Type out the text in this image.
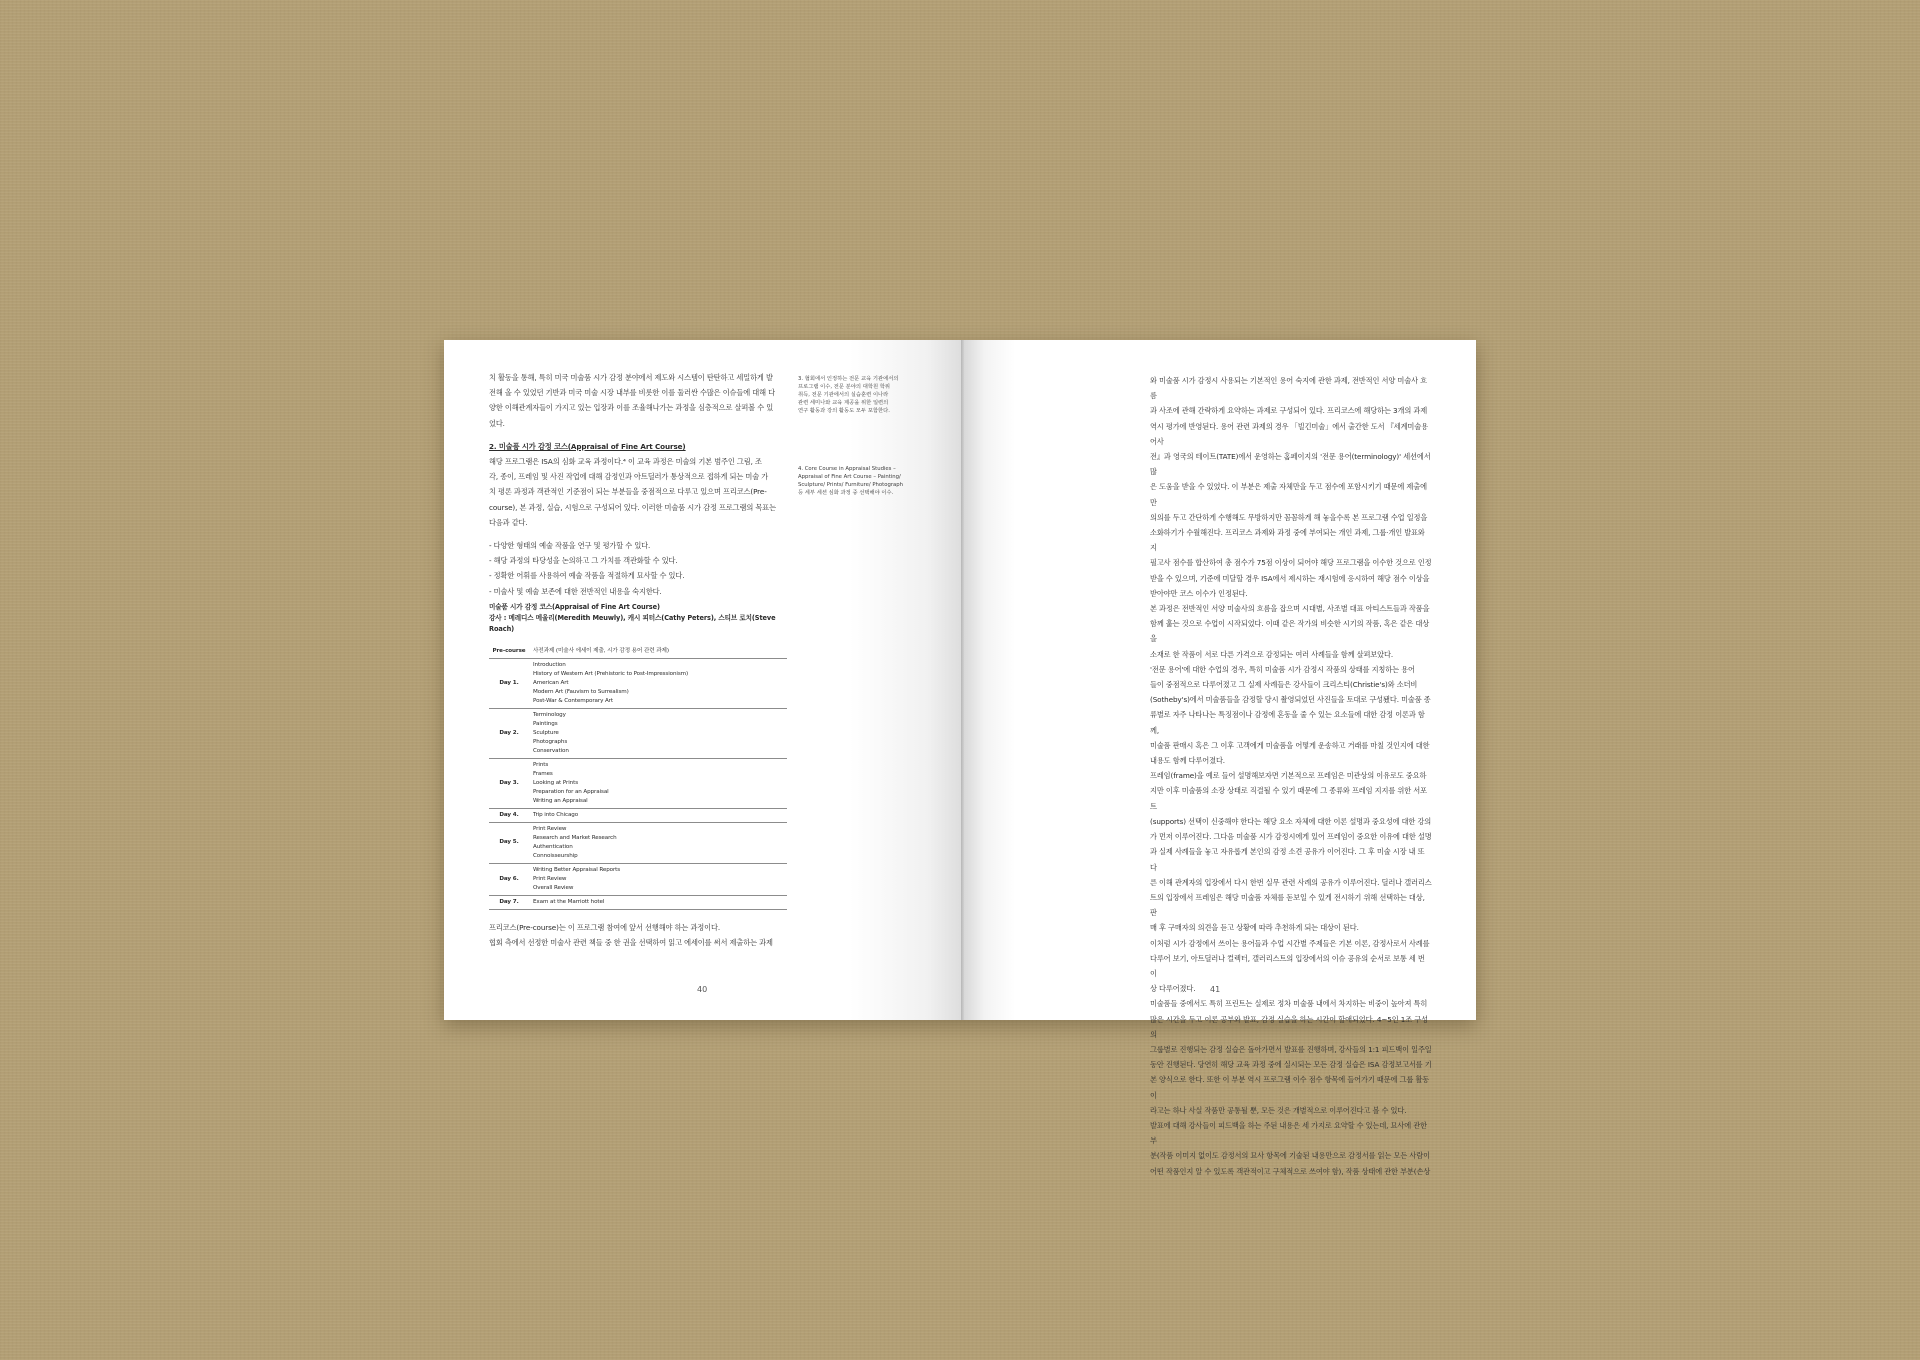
치 활동을 통해, 특히 미국 미술품 시가 감정 분야에서 제도와 시스템이 탄탄하고 세밀하게 발

전해 올 수 있었던 기반과 미국 미술 시장 내부를 비롯한 이를 둘러싼 수많은 이슈들에 대해 다

양한 이해관계자들이 가지고 있는 입장과 이를 조율해나가는 과정을 심층적으로 살펴볼 수 있

었다.

2. 미술품 시가 감정 코스(Appraisal of Fine Art Course)

해당 프로그램은 ISA의 심화 교육 과정이다.⁴ 이 교육 과정은 미술의 기본 범주인 그림, 조

각, 종이, 프레임 및 사진 작업에 대해 감정인과 아트딜러가 통상적으로 접하게 되는 미술 가

치 평론 과정과 객관적인 기준점이 되는 부분들을 중점적으로 다루고 있으며 프리코스(Pre-

course), 본 과정, 실습, 시험으로 구성되어 있다. 이러한 미술품 시가 감정 프로그램의 목표는

다음과 같다.

- 다양한 형태의 예술 작품을 연구 및 평가할 수 있다.

- 해당 과정의 타당성을 논의하고 그 가치를 객관화할 수 있다.

- 정확한 어휘를 사용하여 예술 작품을 적절하게 묘사할 수 있다.

- 미술사 및 예술 보존에 대한 전반적인 내용을 숙지한다.

미술품 시가 감정 코스(Appraisal of Fine Art Course)

강사 : 메레디스 메울리(Meredith Meuwly), 캐시 피터스(Cathy Peters), 스티브 로치(Steve Roach)

Pre-course	사전과제 (미술사 에세이 제출, 시가 감정 용어 관련 과제)

Day 1.	Introduction
History of Western Art (Prehistoric to Post-Impressionism)
American Art
Modern Art (Fauvism to Surrealism)
Post-War & Contemporary Art

Day 2.	Terminology
Paintings
Sculpture
Photographs
Conservation

Day 3.	Prints
Frames
Looking at Prints
Preparation for an Appraisal
Writing an Appraisal

Day 4.	Trip into Chicago

Day 5.	Print Review
Research and Market Research
Authentication
Connoisseurship

Day 6.	Writing Better Appraisal Reports
Print Review
Overall Review

Day 7.	Exam at the Marriott hotel

프리코스(Pre-course)는 이 프로그램 참여에 앞서 선행해야 하는 과정이다.

협회 측에서 선정한 미술사 관련 책들 중 한 권을 선택하여 읽고 에세이를 써서 제출하는 과제

3. 협회에서 인정하는 전문 교육 기관에서의

프로그램 이수, 전문 분야의 대학원 학위

취득, 전문 기관에서의 실습훈련 이나라

관련 세미나와 교육 제공을 위한 일련의

연구 활동과 강의 활동도 모두 포함한다.

4. Core Course in Appraisal Studies –

Appraisal of Fine Art Course – Painting/

Sculpture/ Prints/ Furniture/ Photograph

등 세부 세션 심화 과정 중 선택해야 이수.

40

와 미술품 시가 감정시 사용되는 기본적인 용어 숙지에 관한 과제, 전반적인 서양 미술사 흐름

과 사조에 관해 간략하게 요약하는 과제로 구성되어 있다. 프리코스에 해당하는 3개의 과제

역시 평가에 반영된다. 용어 관련 과제의 경우 「빌긴미술」에서 출간한 도서 『세계미술용어사

전』과 영국의 테이트(TATE)에서 운영하는 홈페이지의 '전문 용어(terminology)' 세션에서 많

은 도움을 받을 수 있었다. 이 부분은 제출 자체만을 두고 점수에 포함시키기 때문에 제출에만

의의를 두고 간단하게 수행해도 무방하지만 꼼꼼하게 해 놓을수록 본 프로그램 수업 일정을

소화하기가 수월해진다. 프리코스 과제와 과정 중에 부여되는 개인 과제, 그룹·개인 발표와 지

필고사 점수를 합산하여 총 점수가 75점 이상이 되어야 해당 프로그램을 이수한 것으로 인정

받을 수 있으며, 기준에 미달할 경우 ISA에서 제시하는 재시험에 응시하여 해당 점수 이상을

받아야만 코스 이수가 인정된다.

본 과정은 전반적인 서양 미술사의 흐름을 잡으며 시대별, 사조별 대표 아티스트들과 작품을

함께 훑는 것으로 수업이 시작되었다. 이때 같은 작가의 비슷한 시기의 작품, 혹은 같은 대상을

소재로 한 작품이 서로 다른 가격으로 감정되는 여러 사례들을 함께 살펴보았다.

'전문 용어'에 대한 수업의 경우, 특히 미술품 시가 감정시 작품의 상태를 지칭하는 용어

들이 중점적으로 다루어졌고 그 실제 사례들은 강사들이 크리스티(Christie's)와 소더비

(Sotheby's)에서 미술품들을 감정할 당시 촬영되었던 사진들을 토대로 구성됐다. 미술품 종

류별로 자주 나타나는 특징점이나 감정에 혼동을 줄 수 있는 요소들에 대한 감정 이론과 함께,

미술품 판매시 혹은 그 이후 고객에게 미술품을 어떻게 운송하고 거래를 마칠 것인지에 대한

내용도 함께 다루어졌다.

프레임(frame)을 예로 들어 설명해보자면 기본적으로 프레임은 미관상의 이유로도 중요하

지만 이후 미술품의 소장 상태로 직결될 수 있기 때문에 그 종류와 프레임 지지를 위한 서포트

(supports) 선택이 신중해야 한다는 해당 요소 자체에 대한 이론 설명과 중요성에 대한 강의

가 먼저 이루어진다. 그다음 미술품 시가 감정시에게 있어 프레임이 중요한 이유에 대한 설명

과 실제 사례들을 놓고 자유롭게 본인의 감정 소견 공유가 이어진다. 그 후 미술 시장 내 또 다

른 이해 관계자의 입장에서 다시 한번 실무 관련 사례의 공유가 이루어진다. 딜러나 갤러리스

트의 입장에서 프레임은 해당 미술품 자체를 돋보일 수 있게 전시하기 위해 선택하는 대상, 판

매 후 구매자의 의견을 듣고 상황에 따라 추천하게 되는 대상이 된다.

이처럼 시가 감정에서 쓰이는 용어들과 수업 시간별 주제들은 기본 이론, 감정사로서 사례를

다루어 보기, 아트딜러나 컬렉터, 갤러리스트의 입장에서의 이슈 공유의 순서로 보통 세 번 이

상 다루어졌다.

미술품들 중에서도 특히 프린트는 실제로 정차 미술품 내에서 차지하는 비중이 높아져 특히

많은 시간을 두고 이론 공부와 발표, 감정 실습을 하는 시간이 할애되었다. 4~5인 1조 구성의

그룹별로 진행되는 감정 실습은 돌아가면서 발표를 진행하며, 강사들의 1:1 피드백이 일주일

동안 진행된다. 당연히 해당 교육 과정 중에 실시되는 모든 감정 실습은 ISA 감정보고서를 기

본 양식으로 한다. 또한 이 부분 역시 프로그램 이수 점수 항목에 들어가기 때문에 그룹 활동이

라고는 하나 사실 작품만 공통될 뿐, 모든 것은 개별적으로 이루어진다고 볼 수 있다.

발표에 대해 강사들이 피드백을 하는 주된 내용은 세 가지로 요약할 수 있는데, 묘사에 관한 부

분(작품 이미지 없이도 감정서의 묘사 항목에 기술된 내용만으로 감정서를 읽는 모든 사람이

어떤 작품인지 알 수 있도록 객관적이고 구체적으로 쓰여야 함), 작품 상태에 관한 부분(손상

41
